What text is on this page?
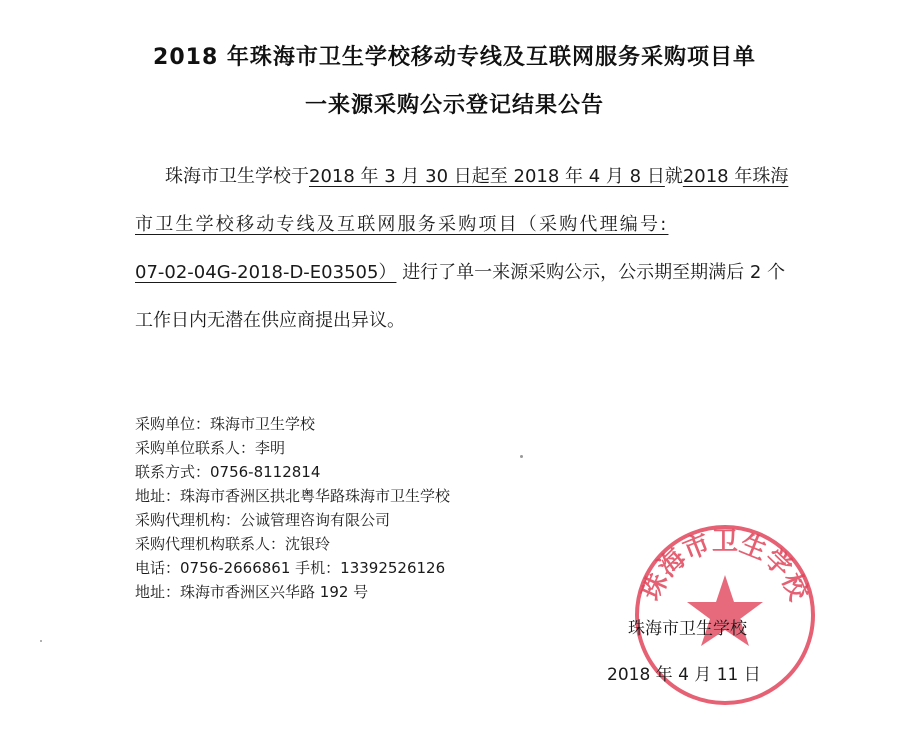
2018 年珠海市卫生学校移动专线及互联网服务采购项目单
一来源采购公示登记结果公告
珠海市卫生学校于2018 年 3 月 30 日起至 2018 年 4 月 8 日就2018 年珠海
市卫生学校移动专线及互联网服务采购项目（采购代理编号:
07-02-04G-2018-D-E03505） 进行了单一来源采购公示，公示期至期满后 2 个
工作日内无潜在供应商提出异议。
采购单位：珠海市卫生学校
采购单位联系人：李明
联系方式：0756-8112814
地址：珠海市香洲区拱北粤华路珠海市卫生学校
采购代理机构：公诚管理咨询有限公司
采购代理机构联系人：沈银玲
电话：0756-2666861 手机：13392526126
地址：珠海市香洲区兴华路 192 号	珠海市卫生学校
珠海市卫生学校
2018 年 4 月 11 日
